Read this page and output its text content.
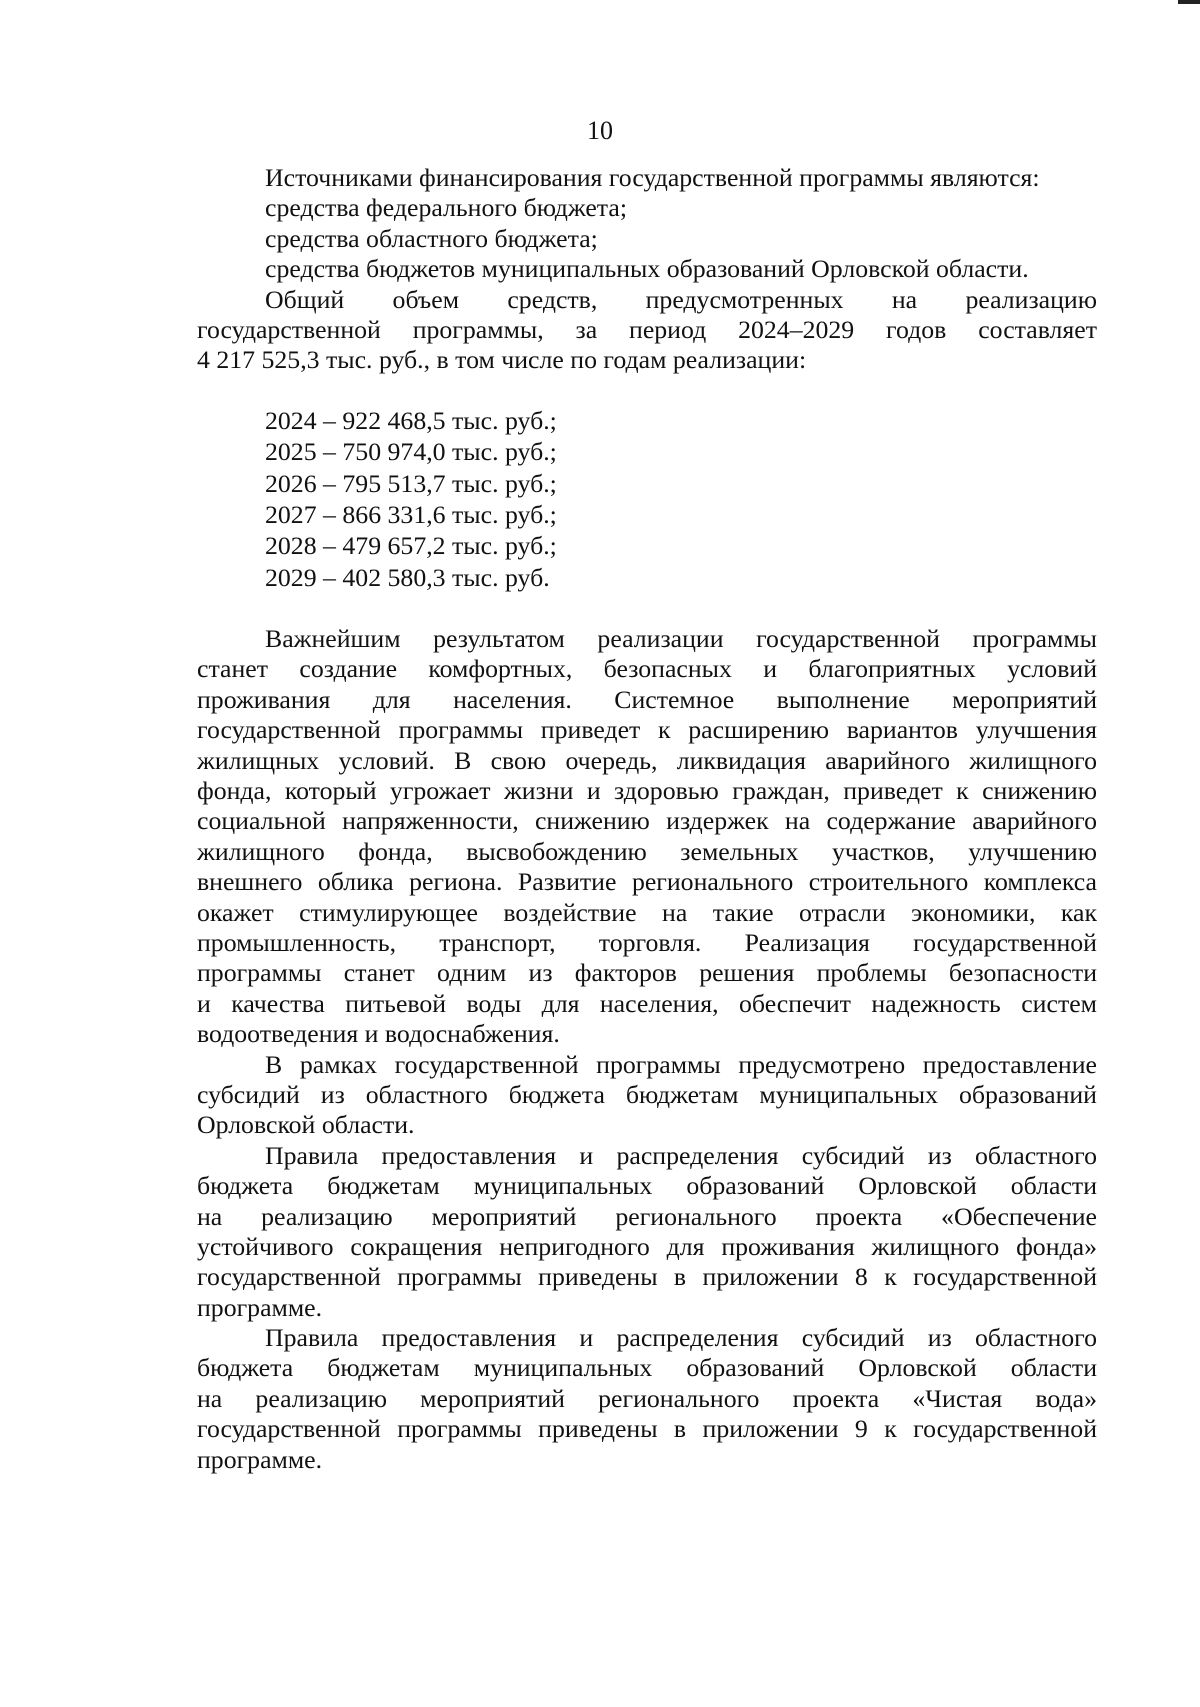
10
Источниками финансирования государственной программы являются:
средства федерального бюджета;
средства областного бюджета;
средства бюджетов муниципальных образований Орловской области.
Общий объем средств, предусмотренных на реализацию
государственной программы, за период 2024–2029 годов составляет
4 217 525,3 тыс. руб., в том числе по годам реализации:
2024 – 922 468,5 тыс. руб.;
2025 – 750 974,0 тыс. руб.;
2026 – 795 513,7 тыс. руб.;
2027 – 866 331,6 тыс. руб.;
2028 – 479 657,2 тыс. руб.;
2029 – 402 580,3 тыс. руб.
Важнейшим результатом реализации государственной программы
станет создание комфортных, безопасных и благоприятных условий
проживания для населения. Системное выполнение мероприятий
государственной программы приведет к расширению вариантов улучшения
жилищных условий. В свою очередь, ликвидация аварийного жилищного
фонда, который угрожает жизни и здоровью граждан, приведет к снижению
социальной напряженности, снижению издержек на содержание аварийного
жилищного фонда, высвобождению земельных участков, улучшению
внешнего облика региона. Развитие регионального строительного комплекса
окажет стимулирующее воздействие на такие отрасли экономики, как
промышленность, транспорт, торговля. Реализация государственной
программы станет одним из факторов решения проблемы безопасности
и качества питьевой воды для населения, обеспечит надежность систем
водоотведения и водоснабжения.
В рамках государственной программы предусмотрено предоставление
субсидий из областного бюджета бюджетам муниципальных образований
Орловской области.
Правила предоставления и распределения субсидий из областного
бюджета бюджетам муниципальных образований Орловской области
на реализацию мероприятий регионального проекта «Обеспечение
устойчивого сокращения непригодного для проживания жилищного фонда»
государственной программы приведены в приложении 8 к государственной
программе.
Правила предоставления и распределения субсидий из областного
бюджета бюджетам муниципальных образований Орловской области
на реализацию мероприятий регионального проекта «Чистая вода»
государственной программы приведены в приложении 9 к государственной
программе.
